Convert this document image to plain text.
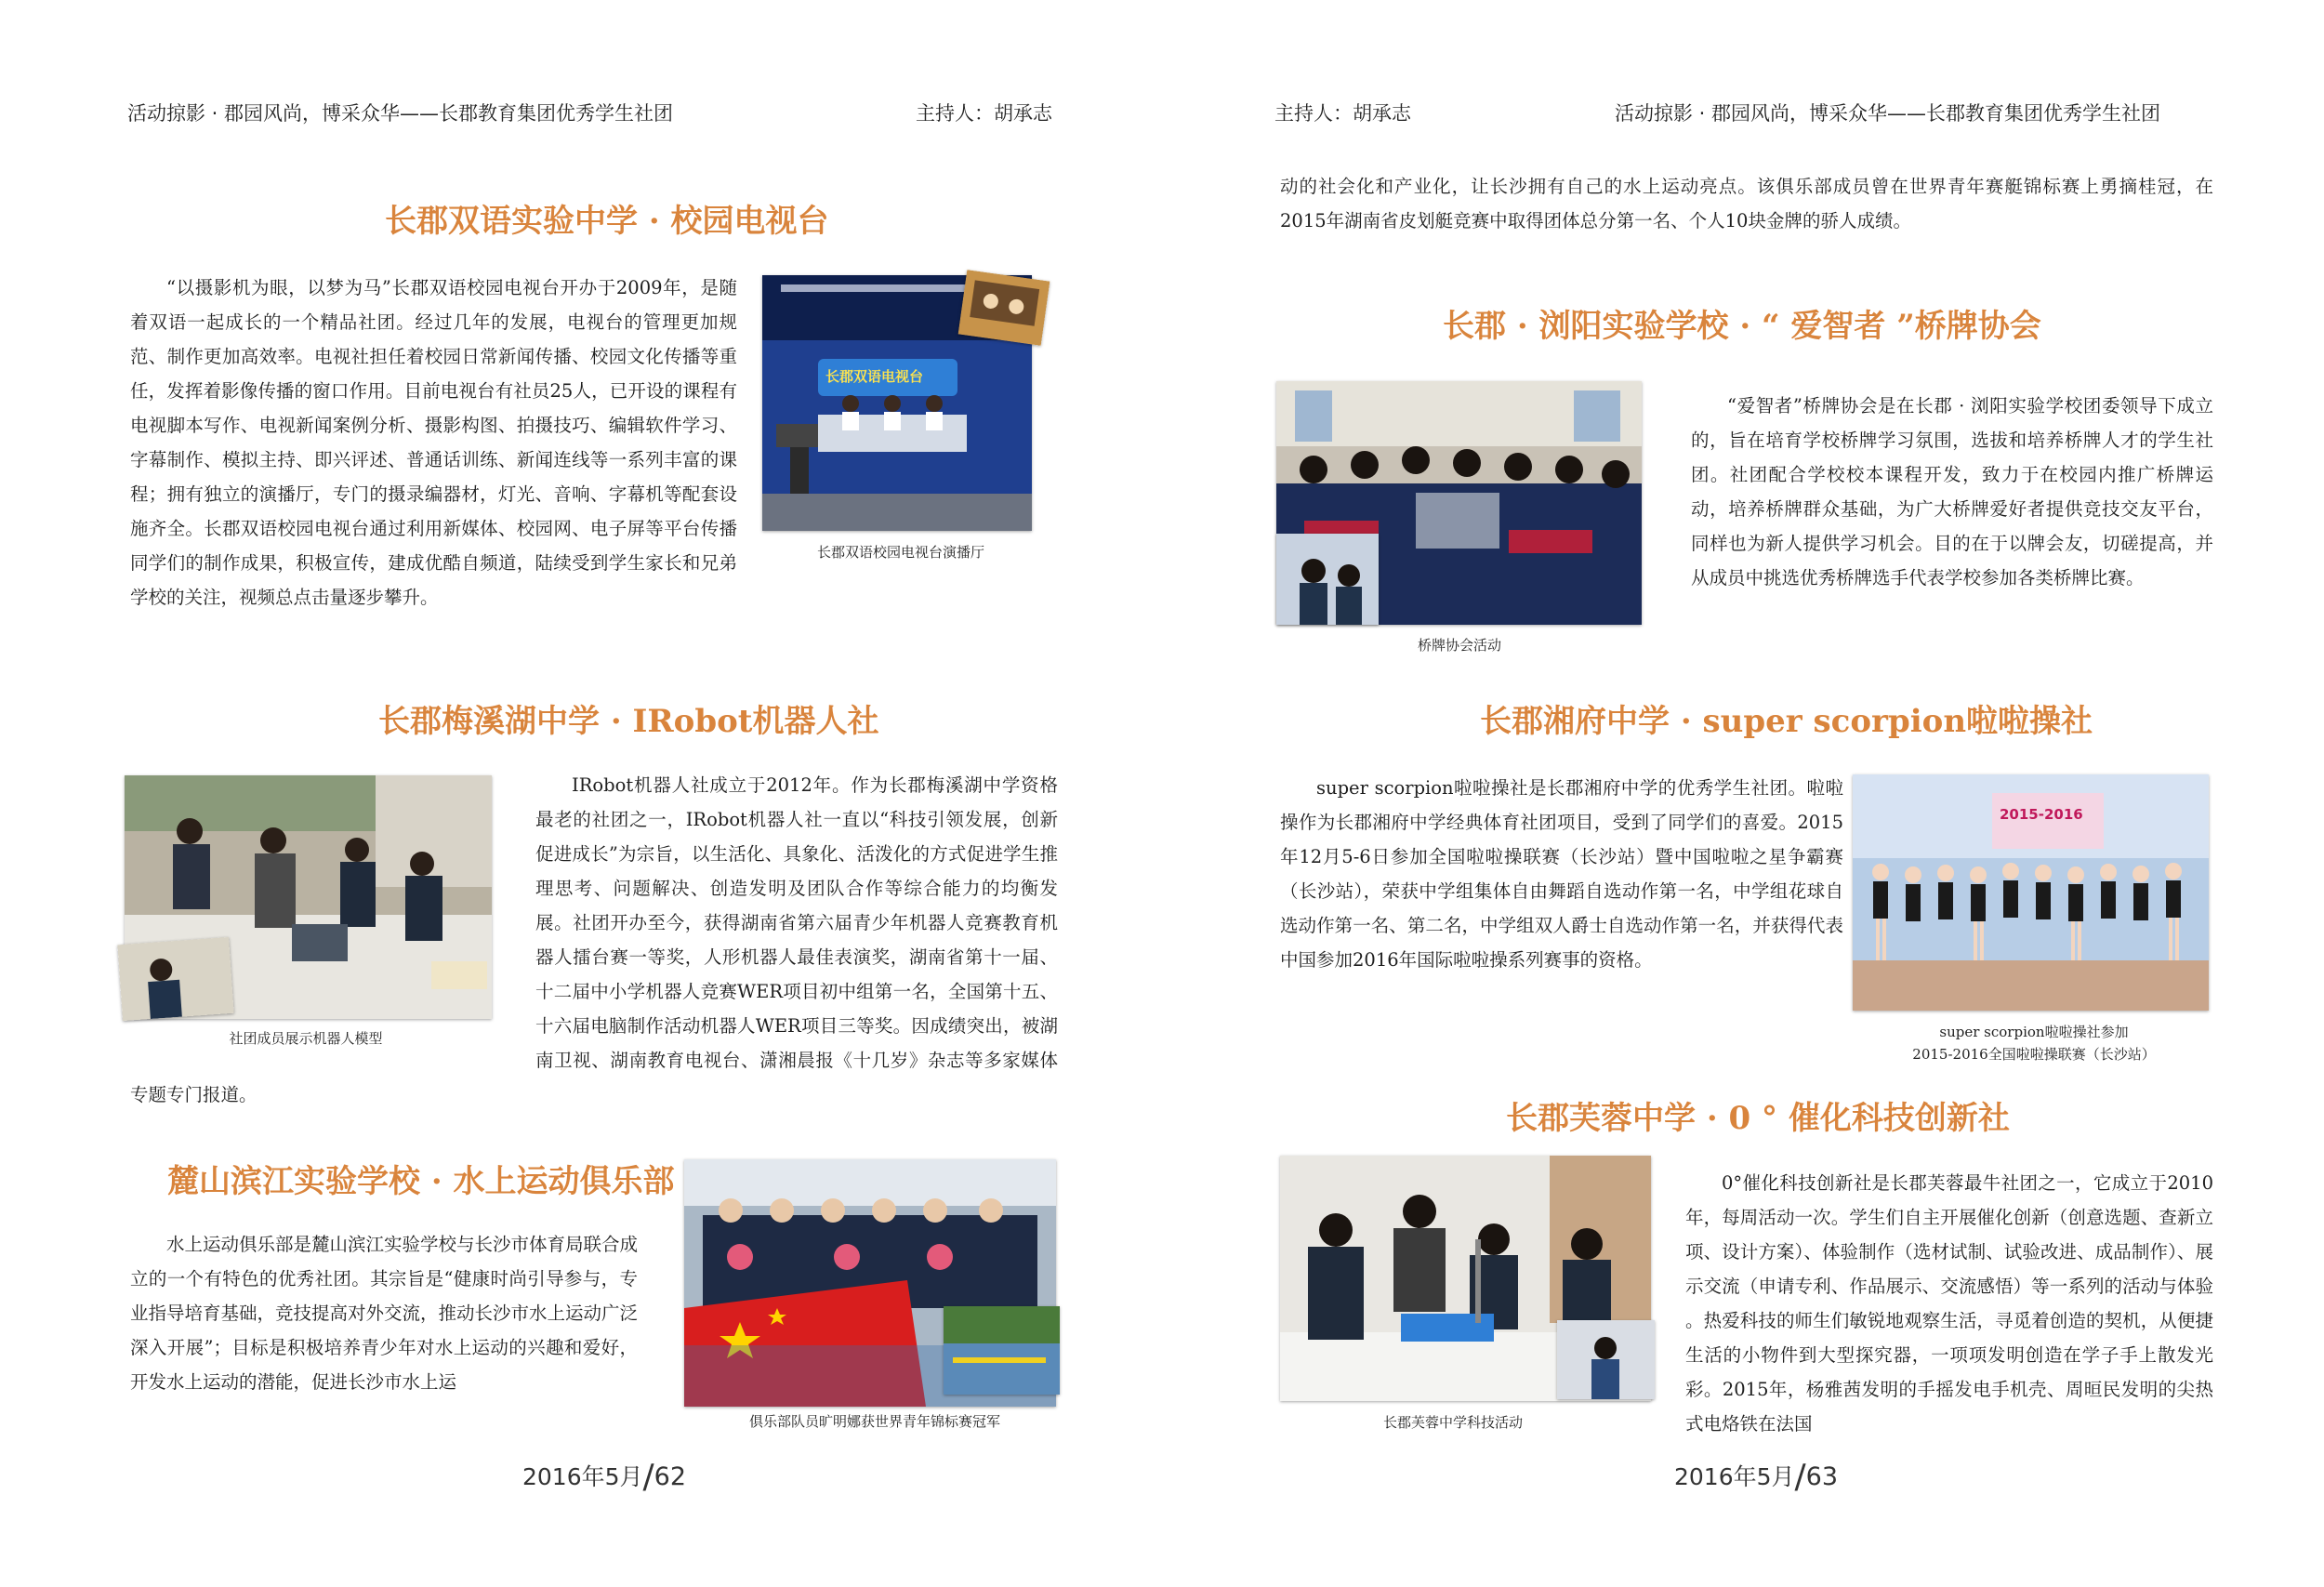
活动掠影 · 郡园风尚，博采众华——长郡教育集团优秀学生社团	主持人：胡承志
长郡双语实验中学 · 校园电视台

“以摄影机为眼，以梦为马”长郡双语校园电视台开办于2009年，是随着双语一起成长的一个精品社团。经过几年的发展，电视台的管理更加规范、制作更加高效率。电视社担任着校园日常新闻传播、校园文化传播等重任，发挥着影像传播的窗口作用。目前电视台有社员25人，已开设的课程有电视脚本写作、电视新闻案例分析、摄影构图、拍摄技巧、编辑软件学习、字幕制作、模拟主持、即兴评述、普通话训练、新闻连线等一系列丰富的课程；拥有独立的演播厅，专门的摄录编器材，灯光、音响、字幕机等配套设施齐全。长郡双语校园电视台通过利用新媒体、校园网、电子屏等平台传播同学们的制作成果，积极宣传，建成优酷自频道，陆续受到学生家长和兄弟学校的关注，视频总点击量逐步攀升。

长郡双语电视台
长郡双语校园电视台演播厅
长郡梅溪湖中学 · IRobot机器人社

IRobot机器人社成立于2012年。作为长郡梅溪湖中学资格最老的社团之一，IRobot机器人社一直以“科技引领发展，创新促进成长”为宗旨，以生活化、具象化、活泼化的方式促进学生推理思考、问题解决、创造发明及团队合作等综合能力的均衡发展。社团开办至今，获得湖南省第六届青少年机器人竞赛教育机器人擂台赛一等奖，人形机器人最佳表演奖，湖南省第十一届、十二届中小学机器人竞赛WER项目初中组第一名，全国第十五、十六届电脑制作活动机器人WER项目三等奖。因成绩突出，被湖南卫视、湖南教育电视台、潇湘晨报《十几岁》杂志等多家媒体专题专门报道。

社团成员展示机器人模型
麓山滨江实验学校 · 水上运动俱乐部

水上运动俱乐部是麓山滨江实验学校与长沙市体育局联合成立的一个有特色的优秀社团。其宗旨是“健康时尚引导参与，专业指导培育基础，竞技提高对外交流，推动长沙市水上运动广泛深入开展”；目标是积极培养青少年对水上运动的兴趣和爱好，开发水上运动的潜能，促进长沙市水上运

俱乐部队员旷明娜获世界青年锦标赛冠军
2016年5月/62
主持人：胡承志	活动掠影 · 郡园风尚，博采众华——长郡教育集团优秀学生社团

动的社会化和产业化，让长沙拥有自己的水上运动亮点。该俱乐部成员曾在世界青年赛艇锦标赛上勇摘桂冠，在2015年湖南省皮划艇竞赛中取得团体总分第一名、个人10块金牌的骄人成绩。

长郡 · 浏阳实验学校 · “ 爱智者 ”桥牌协会

“爱智者”桥牌协会是在长郡 · 浏阳实验学校团委领导下成立的，旨在培育学校桥牌学习氛围，选拔和培养桥牌人才的学生社团。社团配合学校校本课程开发，致力于在校园内推广桥牌运动，培养桥牌群众基础，为广大桥牌爱好者提供竞技交友平台，同样也为新人提供学习机会。目的在于以牌会友，切磋提高，并从成员中挑选优秀桥牌选手代表学校参加各类桥牌比赛。

桥牌协会活动
长郡湘府中学 · super scorpion啦啦操社

super scorpion啦啦操社是长郡湘府中学的优秀学生社团。啦啦操作为长郡湘府中学经典体育社团项目，受到了同学们的喜爱。2015年12月5-6日参加全国啦啦操联赛（长沙站）暨中国啦啦之星争霸赛（长沙站），荣获中学组集体自由舞蹈自选动作第一名，中学组花球自选动作第一名、第二名，中学组双人爵士自选动作第一名，并获得代表中国参加2016年国际啦啦操系列赛事的资格。

2015-2016
super scorpion啦啦操社参加
2015-2016全国啦啦操联赛（长沙站）
长郡芙蓉中学 · 0 ° 催化科技创新社

0°催化科技创新社是长郡芙蓉最牛社团之一，它成立于2010年，每周活动一次。学生们自主开展催化创新（创意选题、查新立项、设计方案）、体验制作（选材试制、试验改进、成品制作）、展示交流（申请专利、作品展示、交流感悟）等一系列的活动与体验 。热爱科技的师生们敏锐地观察生活，寻觅着创造的契机，从便捷生活的小物件到大型探究器，一项项发明创造在学子手上散发光彩。2015年，杨雅茜发明的手摇发电手机壳、周晅民发明的尖热式电烙铁在法国

长郡芙蓉中学科技活动
2016年5月/63
